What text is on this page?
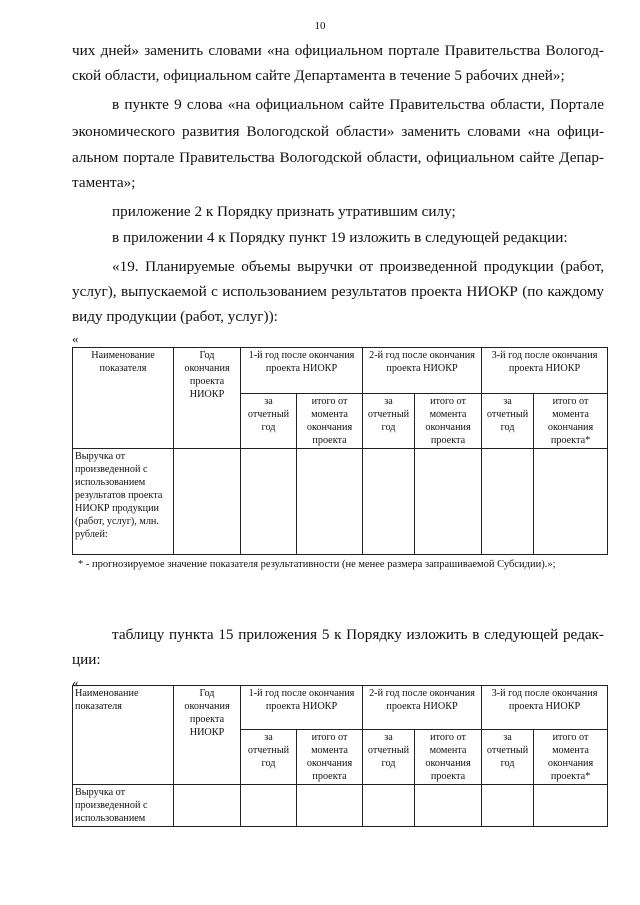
10

чих дней» заменить словами «на официальном портале Правительства Вологод-

ской области, официальном сайте Департамента в течение 5 рабочих дней»;

в пункте 9 слова «на официальном сайте Правительства области, Портале

экономического развития Вологодской области» заменить словами «на офици-

альном портале Правительства Вологодской области, официальном сайте Депар-

тамента»;

приложение 2 к Порядку признать утратившим силу;

в приложении 4 к Порядку пункт 19 изложить в следующей редакции:

«19. Планируемые объемы выручки от произведенной продукции (работ,

услуг), выпускаемой с использованием результатов проекта НИОКР (по каждому

виду продукции (работ, услуг)):

«
Наименование показателя	Год окончания проекта НИОКР	1-й год после окончания проекта НИОКР		2-й год после окончания проекта НИОКР		3-й год после окончания проекта НИОКР	
		за отчетный год	итого от момента окончания проекта	за отчетный год	итого от момента окончания проекта	за отчетный год	итого от момента окончания проекта*
Выручка от произведенной с использованием результатов проекта НИОКР продукции (работ, услуг), млн. рублей:							
* - прогнозируемое значение показателя результативности (не менее размера запрашиваемой Субсидии).»;

таблицу пункта 15 приложения 5 к Порядку изложить в следующей редак-

ции:

«
Наименование показателя	Год окончания проекта НИОКР	1-й год после окончания проекта НИОКР		2-й год после окончания проекта НИОКР		3-й год после окончания проекта НИОКР	
		за отчетный год	итого от момента окончания проекта	за отчетный год	итого от момента окончания проекта	за отчетный год	итого от момента окончания проекта*
Выручка от произведенной с использованием							
